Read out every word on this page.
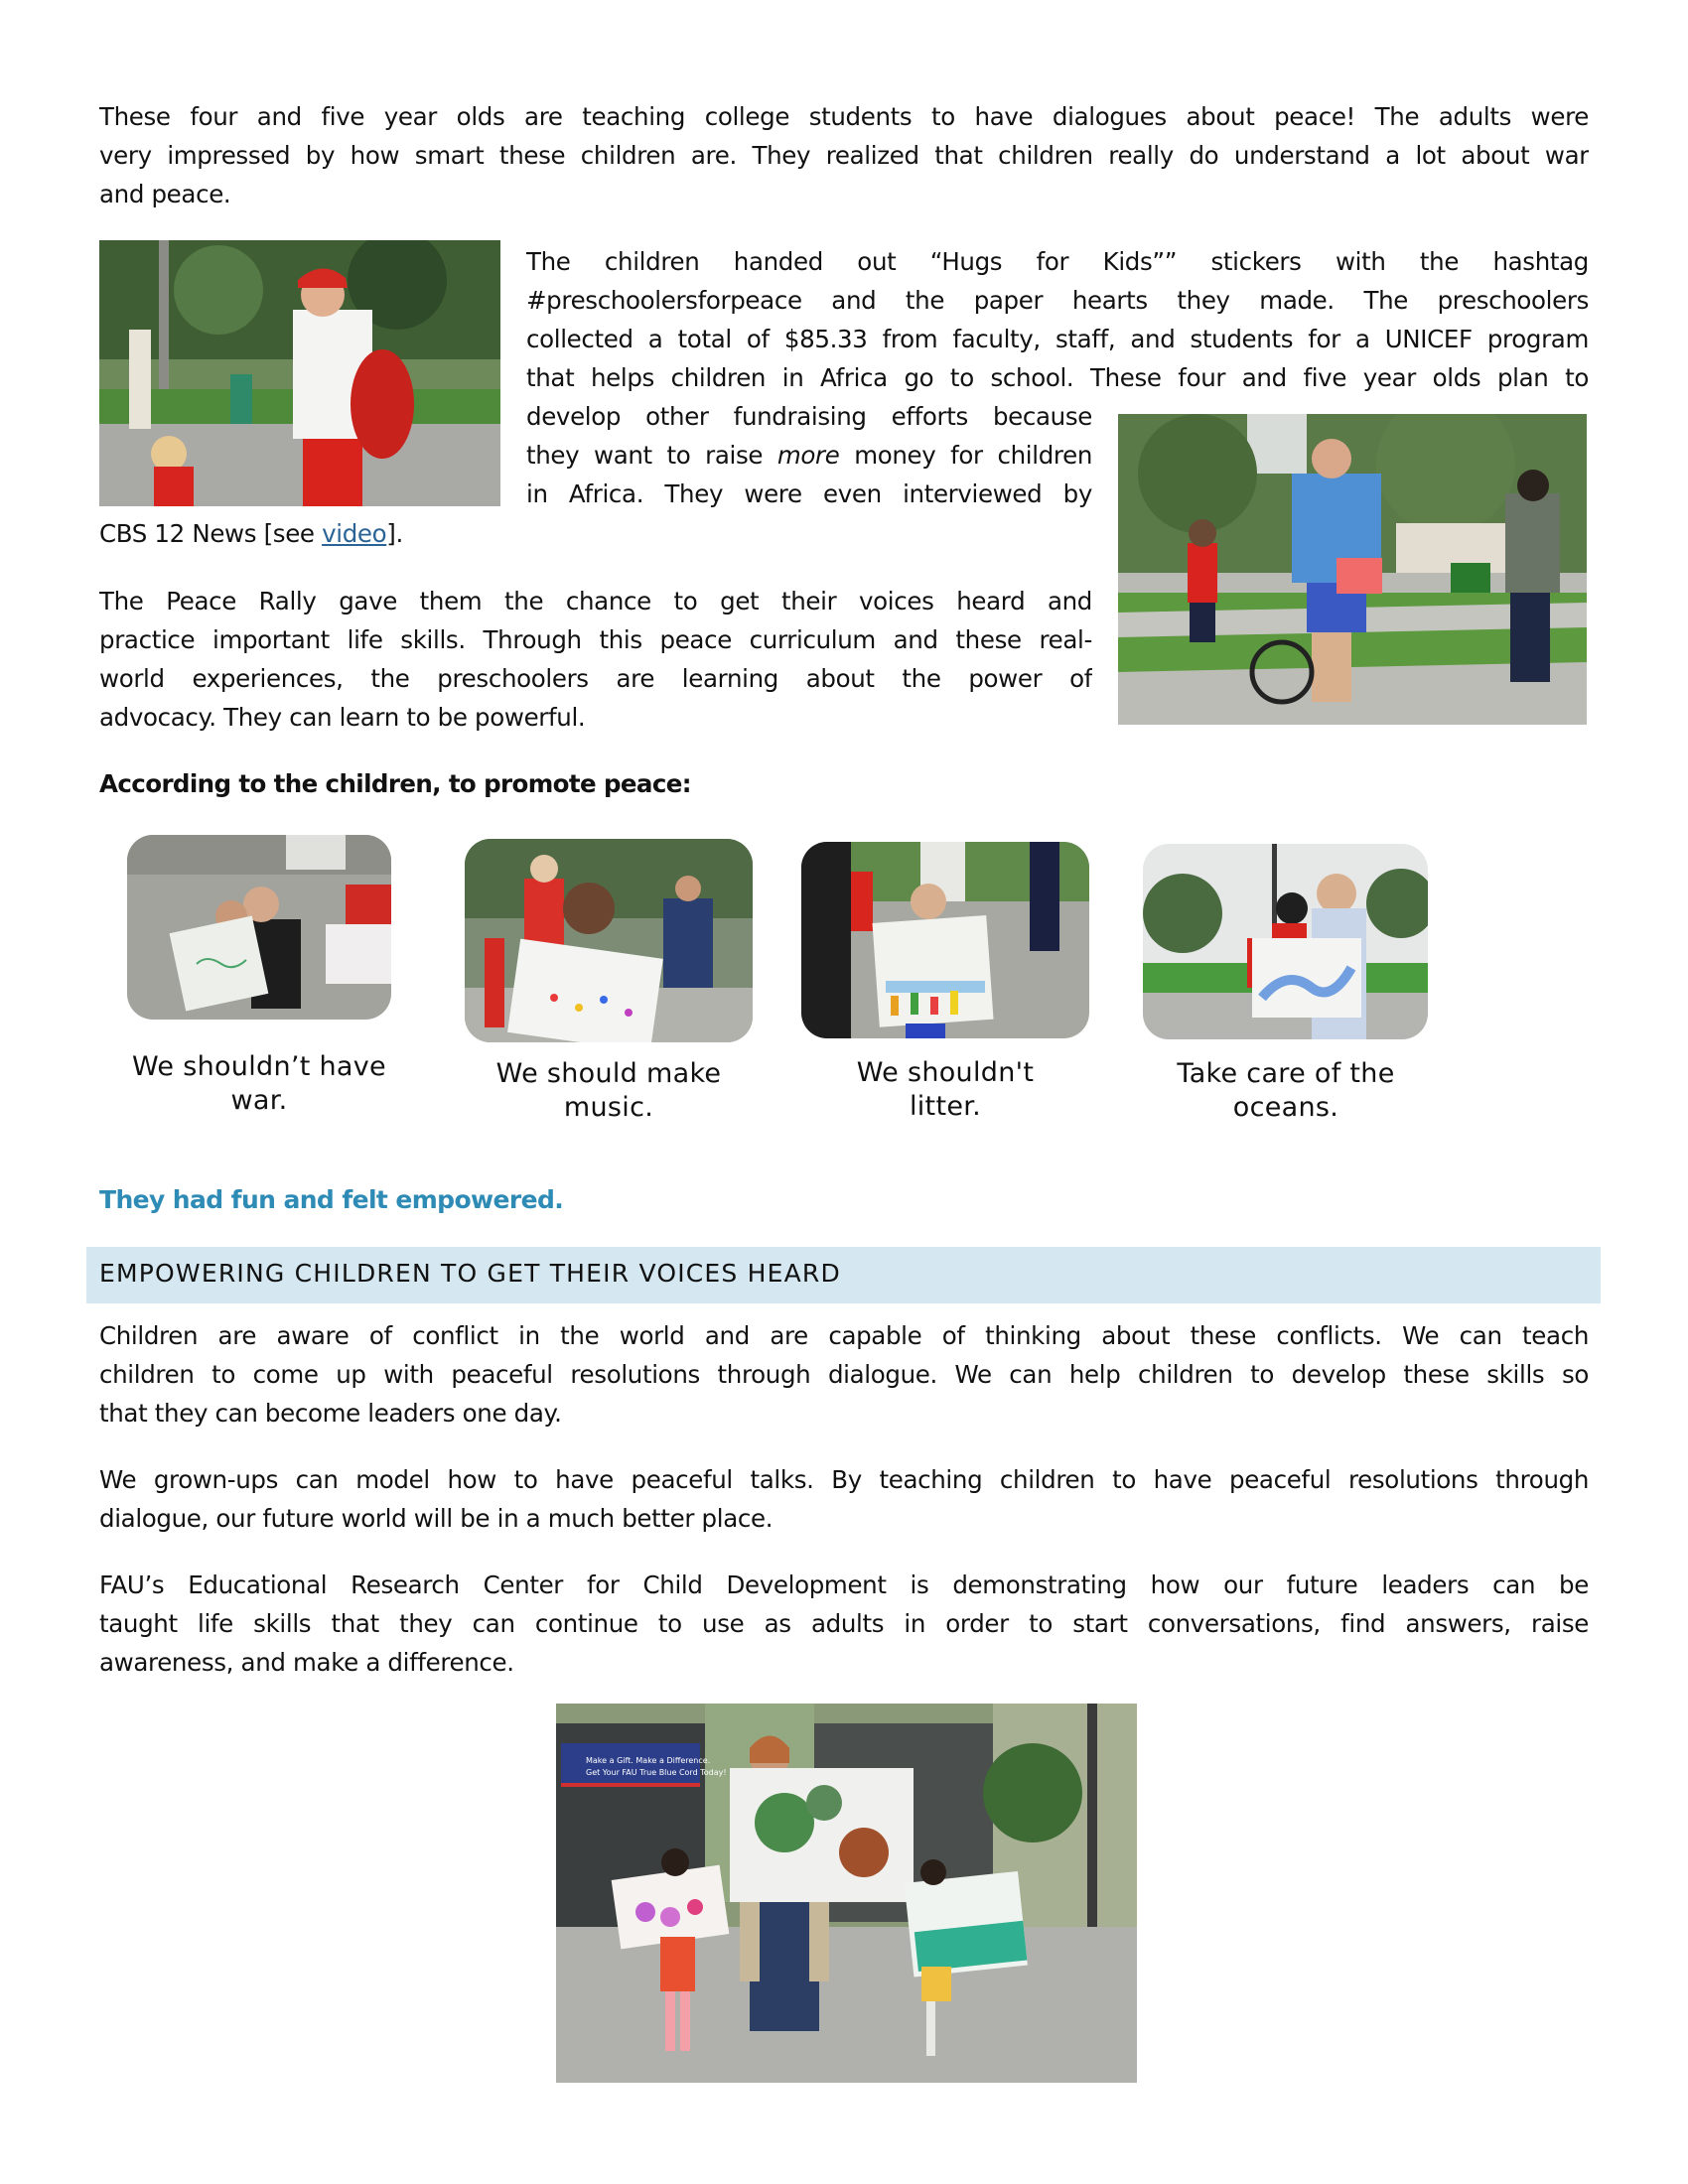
These four and five year olds are teaching college students to have dialogues about peace! The adults were
very impressed by how smart these children are. They realized that children really do understand a lot about war
and peace.
The children handed out “Hugs for Kids”” stickers with the hashtag
#preschoolersforpeace and the paper hearts they made. The preschoolers
collected a total of $85.33 from faculty, staff, and students for a UNICEF program
that helps children in Africa go to school. These four and five year olds plan to
develop other fundraising efforts because
they want to raise more money for children
in Africa. They were even interviewed by
CBS 12 News [see video].
The Peace Rally gave them the chance to get their voices heard and
practice important life skills. Through this peace curriculum and these real-
world experiences, the preschoolers are learning about the power of
advocacy. They can learn to be powerful.
According to the children, to promote peace:
We shouldn’t have
war.
We should make
music.
We shouldn't
litter.
Take care of the
oceans.
They had fun and felt empowered.
EMPOWERING CHILDREN TO GET THEIR VOICES HEARD
Children are aware of conflict in the world and are capable of thinking about these conflicts. We can teach
children to come up with peaceful resolutions through dialogue. We can help children to develop these skills so
that they can become leaders one day.
We grown-ups can model how to have peaceful talks. By teaching children to have peaceful resolutions through
dialogue, our future world will be in a much better place.
FAU’s Educational Research Center for Child Development is demonstrating how our future leaders can be
taught life skills that they can continue to use as adults in order to start conversations, find answers, raise
awareness, and make a difference.
Make a Gift. Make a Difference.
Get Your FAU True Blue Cord Today!
